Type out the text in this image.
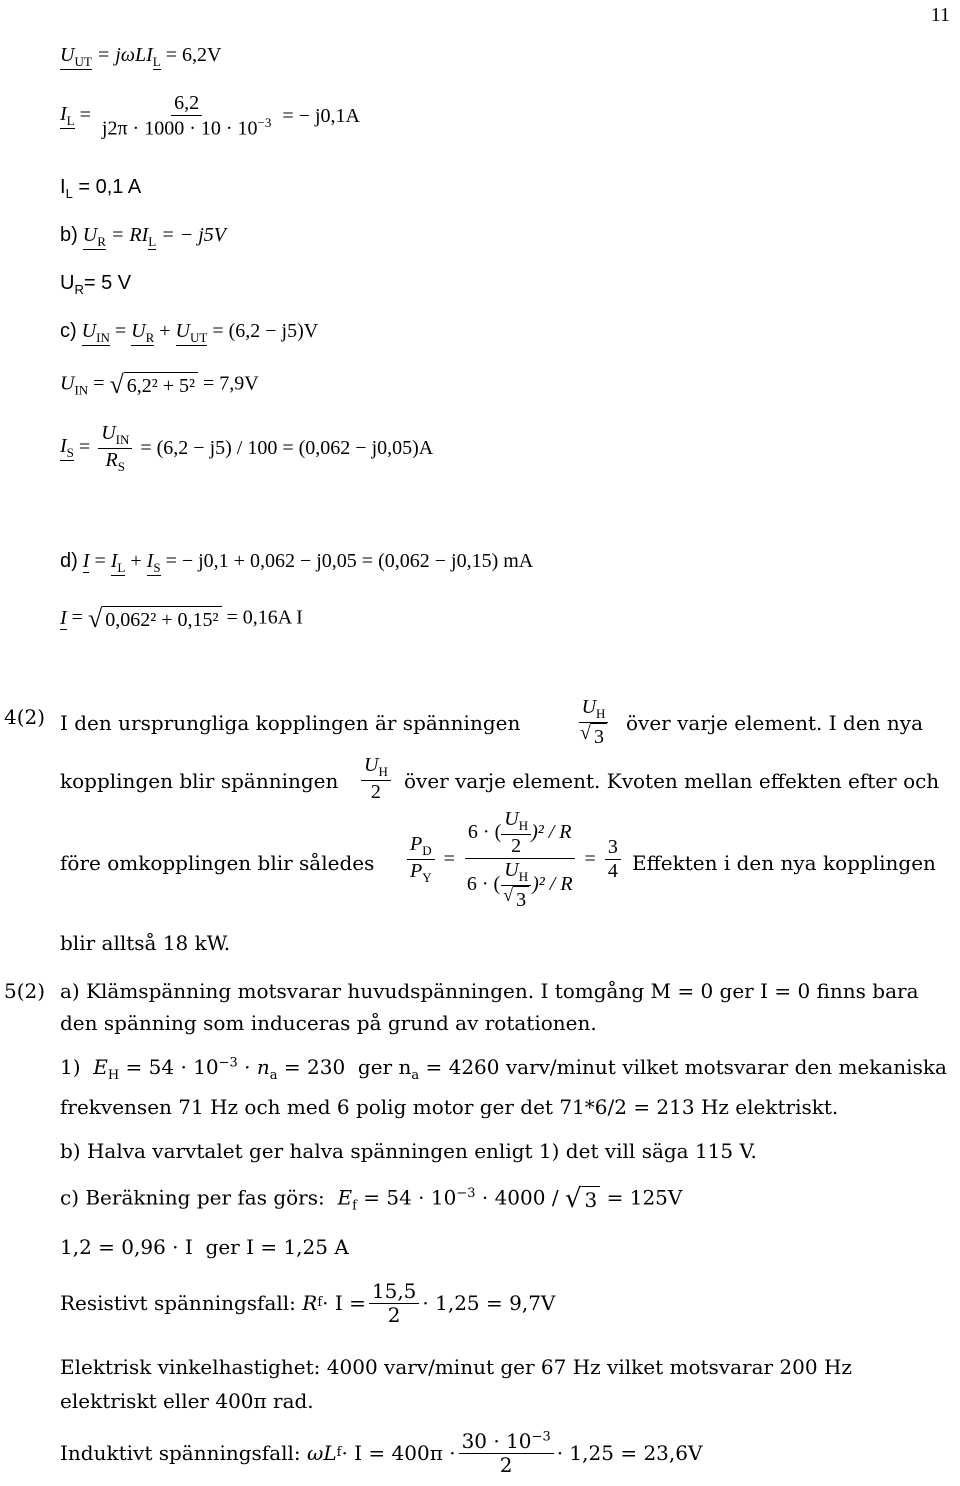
11
$U_{UT} = j\omega LI_L = 6,2V$
$I_L = \frac{6,2}{j2\pi \cdot 1000 \cdot 10 \cdot 10^{-3}}$ = − j0,1A
$I_L = 0,1$ A
b) $U_R = RI_L$ = − j5V
$U_R= 5$ V
c) $U_{IN} = U_R + U_{UT} = (6,2 - j5)V$
$U_{IN}$ = √ 6,2² + 5² = 7,9V
$I_S = \frac{U_{IN}}{R_S} = (6,2 - j5) / 100 = (0,062 - j0,05)A$
d) $I = I_L + I_S$ = − j0,1 + 0,062 − j0,05 = (0,062 − j0,15) mA
I = √ 0,062² + 0,15² = 0,16A I
4(2) I den ursprungliga kopplingen är spänningen	$\frac{U_H}{√ 3}$ över varje element. I den nya
kopplingen blir spänningen $\frac{U_H}{2}$ över varje element. Kvoten mellan effekten efter och
före omkopplingen blir således $\frac{P_D}{P_Y} = \frac{6 \cdot ( \frac{U_H}{2} )^2 / R}{6 \cdot ( \frac{U_H}{√ 3} )^2 / R} = \frac{3}{4}$ Effekten i den nya kopplingen
blir alltså 18 kW.
5(2) a) Klämspänning motsvarar huvudspänningen. I tomgång M = 0 ger I = 0 finns bara
den spänning som induceras på grund av rotationen.
1) $E_H = 54 \cdot 10^{-3} \cdot n_a = 230$ ger $n_a = 4260$ varv/minut vilket motsvarar den mekaniska
frekvensen 71 Hz och med 6 polig motor ger det 71*6/2 = 213 Hz elektriskt.
b) Halva varvtalet ger halva spänningen enligt 1) det vill säga 115 V.
c) Beräkning per fas görs: $E_f = 54 \cdot 10^{-3} \cdot 4000$ / √ 3 = 125V
1,2 = 0,96 · I ger I = 1,25 A
Resistivt spänningsfall:
R $f \cdot I = \frac{15,5}{2} \cdot 1,25 = 9,7V$
Elektrisk vinkelhastighet: 4000 varv/minut ger 67 Hz vilket motsvarar 200 Hz
elektriskt eller 400π rad.
Induktivt spänningsfall:
ωL $f \cdot I = 400\pi \cdot \frac{30 \cdot 10^{-3}}{2} \cdot 1,25 = 23,6V$
